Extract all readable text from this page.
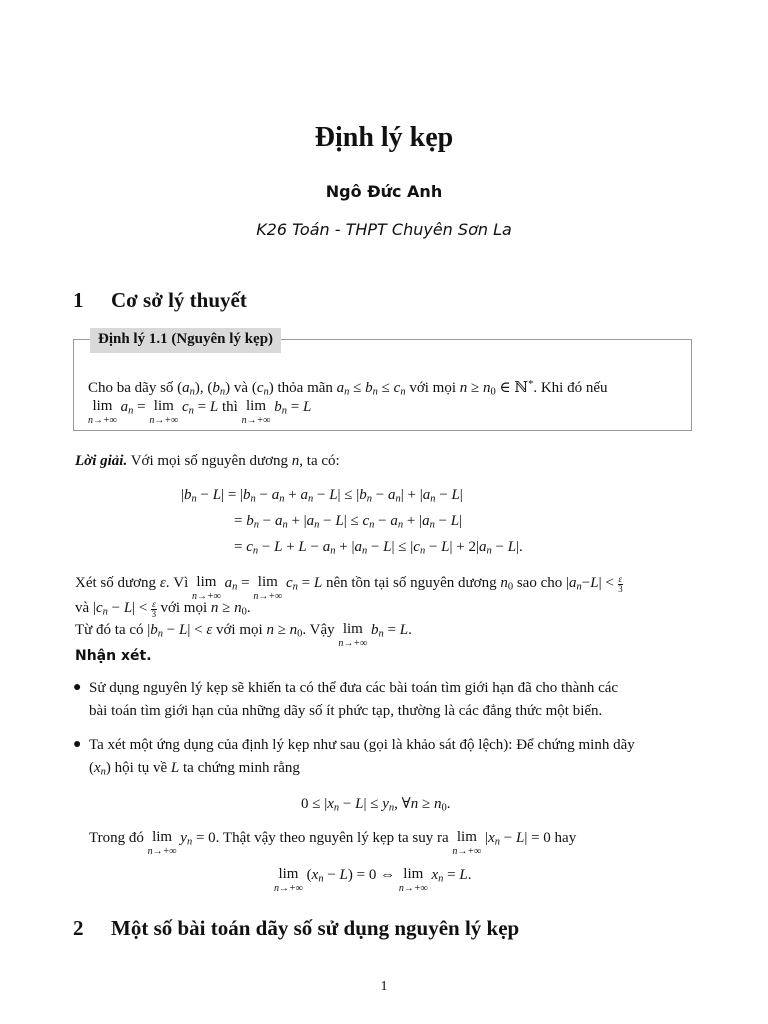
Định lý kẹp
Ngô Đức Anh
K26 Toán - THPT Chuyên Sơn La
1 Cơ sở lý thuyết
Định lý 1.1 (Nguyên lý kẹp)
Cho ba dãy số $(a_n)$, $(b_n)$ và $(c_n)$ thỏa mãn $a_n \le b_n \le c_n$ với mọi $n \ge n_0$ ∈ ℕ*. Khi đó nếu
lim
n→+∞
$a_n = \lim$
n→+∞
$c_n = L$ thì lim
n→+∞
$b_n = L$
Lời giải. Với mọi số nguyên dương n, ta có:
$|b_n - L| = |b_n - a_n + a_n - L| \le |b_n - a_n| + |a_n - L|$
= $b_n - a_n + |a_n - L| \le c_n - a_n + |a_n - L|$
= $c_n - L + L - a_n + |a_n - L| \le |c_n - L| + 2|a_n - L|$.
Xét số dương ε. Vì lim
n→+∞
$a_n = \lim$
n→+∞
$c_n = L$ nên tồn tại số nguyên dương $n_0$ sao cho $|a_n-L| < \frac{\varepsilon}{3}$
và $|c_n - L| < \frac{\varepsilon}{3}$ với mọi $n \ge n_0$.
Từ đó ta có $|b_n - L| < \varepsilon$ với mọi $n \ge n_0$. Vậy lim
n→+∞
$b_n = L$.
Nhận xét.
● Sử dụng nguyên lý kẹp sẽ khiến ta có thể đưa các bài toán tìm giới hạn đã cho thành các
bài toán tìm giới hạn của những dãy số ít phức tạp, thường là các đẳng thức một biến.
● Ta xét một ứng dụng của định lý kẹp như sau (gọi là khảo sát độ lệch): Để chứng minh dãy
$(x_n)$ hội tụ về L ta chứng minh rằng
$0 \le |x_n - L| \le y_n$, ∀n ≥ $n_0$.
Trong đó lim
n→+∞
$y_n = 0$. Thật vậy theo nguyên lý kẹp ta suy ra lim
n→+∞
$|x_n - L| = 0$ hay
lim
n→+∞
$(x_n - L) = 0$ ⇔ lim
n→+∞
$x_n = L$.
2 Một số bài toán dãy số sử dụng nguyên lý kẹp
1
